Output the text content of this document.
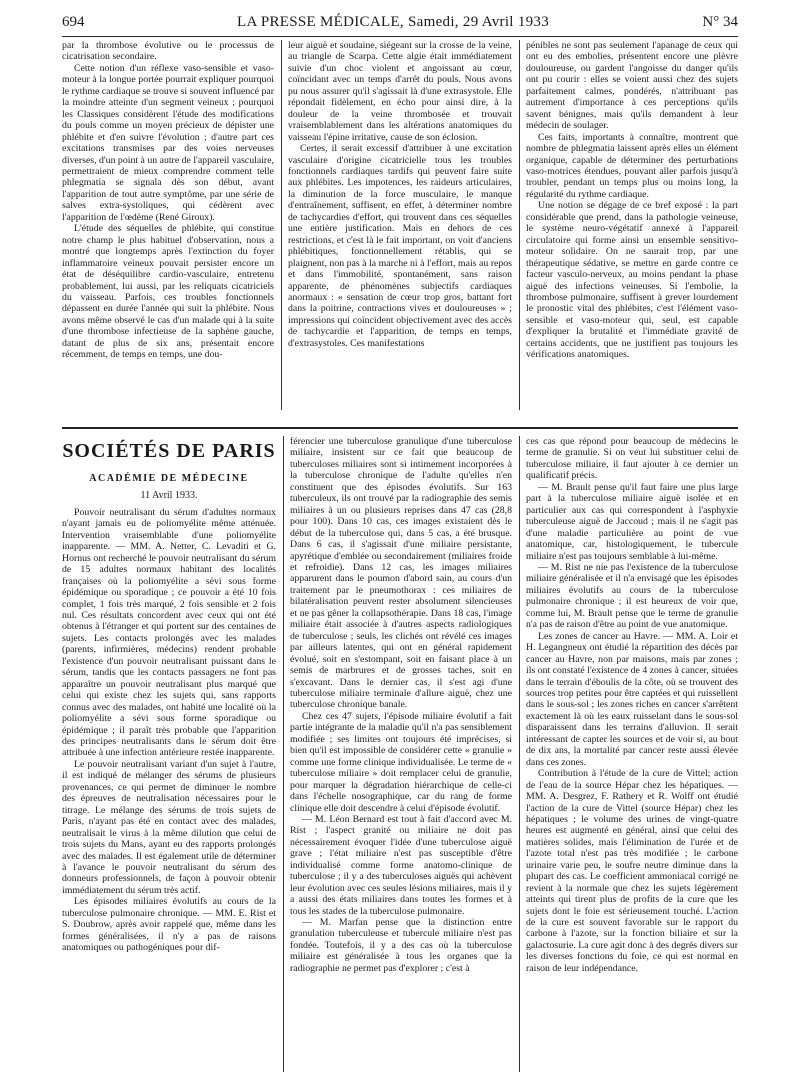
694	LA PRESSE MÉDICALE, Samedi, 29 Avril 1933	N° 34

par la thrombose évolutive ou le processus de cicatrisation secondaire.

Cette notion d'un réflexe vaso-sensible et vaso-moteur à la longue portée pourrait expliquer pourquoi le rythme cardiaque se trouve si souvent influencé par la moindre atteinte d'un segment veineux ; pourquoi les Classiques considèrent l'étude des modifications du pouls comme un moyen précieux de dépister une phlébite et d'en suivre l'évolution ; d'autre part ces excitations transmises par des voies nerveuses diverses, d'un point à un autre de l'appareil vasculaire, permettraient de mieux comprendre comment telle phlegmatia se signala dès son début, avant l'apparition de tout autre symptôme, par une série de salves extra-systoliques, qui cédèrent avec l'apparition de l'œdème (René Giroux).

L'étude des séquelles de phlébite, qui constitue notre champ le plus habituel d'observation, nous a montré que longtemps après l'extinction du foyer inflammatoire veineux pouvait persister encore un état de déséquilibre cardio-vasculaire, entretenu probablement, lui aussi, par les reliquats cicatriciels du vaisseau. Parfois, ces troubles fonctionnels dépassent en durée l'année qui suit la phlébite. Nous avons même observé le cas d'un malade qui à la suite d'une thrombose infectieuse de la saphène gauche, datant de plus de six ans, présentait encore récemment, de temps en temps, une dou-

leur aiguë et soudaine, siégeant sur la crosse de la veine, au triangle de Scarpa. Cette algie était immédiatement suivie d'un choc violent et angoissant au cœur, coïncidant avec un temps d'arrêt du pouls. Nous avons pu nous assurer qu'il s'agissait là d'une extrasystole. Elle répondait fidèlement, en écho pour ainsi dire, à la douleur de la veine thrombosée et trouvait vraisemblablement dans les altérations anatomiques du vaisseau l'épine irritative, cause de son éclosion.

Certes, il serait excessif d'attribuer à une excitation vasculaire d'origine cicatricielle tous les troubles fonctionnels cardiaques tardifs qui peuvent faire suite aux phlébites. Les impotences, les raideurs articulaires, la diminution de la force musculaire, le manque d'entraînement, suffisent, en effet, à déterminer nombre de tachycardies d'effort, qui trouvent dans ces séquelles une entière justification. Mais en dehors de ces restrictions, et c'est là le fait important, on voit d'anciens phlébitiques, fonctionnellement rétablis, qui se plaignent, non pas à la marche ni à l'effort, mais au repos et dans l'immobilité, spontanément, sans raison apparente, de phénomènes subjectifs cardiaques anormaux : « sensation de cœur trop gros, battant fort dans la poitrine, contractions vives et douloureuses » ; impressions qui coïncident objectivement avec des accès de tachycardie et l'apparition, de temps en temps, d'extrasystoles. Ces manifestations

pénibles ne sont pas seulement l'apanage de ceux qui ont eu des embolies, présentent encore une plèvre douloureuse, ou gardent l'angoisse du danger qu'ils ont pu courir : elles se voient aussi chez des sujets parfaitement calmes, pondérés, n'attribuant pas autrement d'importance à ces perceptions qu'ils savent bénignes, mais qu'ils demandent à leur médecin de soulager.

Ces faits, importants à connaître, montrent que nombre de phlegmatia laissent après elles un élément organique, capable de déterminer des perturbations vaso-motrices étendues, pouvant aller parfois jusqu'à troubler, pendant un temps plus ou moins long, la régularité du rythme cardiaque.

Une notion se dégage de ce bref exposé : la part considérable que prend, dans la pathologie veineuse, le système neuro-végétatif annexé à l'appareil circulatoire qui forme ainsi un ensemble sensitivo-moteur solidaire. On ne saurait trop, par une thérapeutique sédative, se mettre en garde contre ce facteur vasculo-nerveux, au moins pendant la phase aiguë des infections veineuses. Si l'embolie, la thrombose pulmonaire, suffisent à grever lourdement le pronostic vital des phlébites, c'est l'élément vaso-sensible et vaso-moteur qui, seul, est capable d'expliquer la brutalité et l'immédiate gravité de certains accidents, que ne justifient pas toujours les vérifications anatomiques.

SOCIÉTÉS DE PARIS
ACADÉMIE DE MÉDECINE
11 Avril 1933.

Pouvoir neutralisant du sérum d'adultes normaux n'ayant jamais eu de poliomyélite même atténuée. Intervention vraisemblable d'une poliomyélite inapparente. — MM. A. Netter, C. Levaditi et G. Hornus ont recherché le pouvoir neutralisant du sérum de 15 adultes normaux habitant des localités françaises où la poliomyélite a sévi sous forme épidémique ou sporadique ; ce pouvoir a été 10 fois complet, 1 fois très marqué, 2 fois sensible et 2 fois nul. Ces résultats concordent avec ceux qui ont été obtenus à l'étranger et qui portent sur des centaines de sujets. Les contacts prolongés avec les malades (parents, infirmières, médecins) rendent probable l'existence d'un pouvoir neutralisant puissant dans le sérum, tandis que les contacts passagers ne font pas apparaître un pouvoir neutralisant plus marqué que celui qui existe chez les sujets qui, sans rapports connus avec des malades, ont habité une localité où la poliomyélite a sévi sous forme sporadique ou épidémique ; il paraît très probable que l'apparition des principes neutralisants dans le sérum doit être attribuée à une infection antérieure restée inapparente.

Le pouvoir neutralisant variant d'un sujet à l'autre, il est indiqué de mélanger des sérums de plusieurs provenances, ce qui permet de diminuer le nombre des épreuves de neutralisation nécessaires pour le titrage. Le mélange des sérums de trois sujets de Paris, n'ayant pas été en contact avec des malades, neutralisait le virus à la même dilution que celui de trois sujets du Mans, ayant eu des rapports prolongés avec des malades. Il est également utile de déterminer à l'avance le pouvoir neutralisant du sérum des donneurs professionnels, de façon à pouvoir obtenir immédiatement du sérum très actif.

Les épisodes miliaires évolutifs au cours de la tuberculose pulmonaire chronique. — MM. E. Rist et S. Doubrow, après avoir rappelé que, même dans les formes généralisées, il n'y a pas de raisons anatomiques ou pathogéniques pour dif-

férencier une tuberculose granulique d'une tuberculose miliaire, insistent sur ce fait que beaucoup de tuberculoses miliaires sont si intimement incorporées à la tuberculose chronique de l'adulte qu'elles n'en constituent que des épisodes évolutifs. Sur 163 tuberculeux, ils ont trouvé par la radiographie des semis miliaires à un ou plusieurs reprises dans 47 cas (28,8 pour 100). Dans 10 cas, ces images existaient dès le début de la tuberculose qui, dans 5 cas, a été brusque. Dans 6 cas, il s'agissait d'une miliaire persistante, apyrétique d'emblée ou secondairement (miliaires froide et refroidie). Dans 12 cas, les images miliaires apparurent dans le poumon d'abord sain, au cours d'un traitement par le pneumothorax : ces miliaires de bilatéralisation peuvent rester absolument silencieuses et ne pas gêner la collapsothérapie. Dans 18 cas, l'image miliaire était associée à d'autres aspects radiologiques de tuberculose ; seuls, les clichés ont révélé ces images par ailleurs latentes, qui ont en général rapidement évolué, soit en s'estompant, soit en faisant place à un semis de marbrures et de grosses taches, soit en s'excavant. Dans le dernier cas, il s'est agi d'une tuberculose miliaire terminale d'allure aiguë, chez une tuberculose chronique banale.

Chez ces 47 sujets, l'épisode miliaire évolutif a fait partie intégrante de la maladie qu'il n'a pas sensiblement modifiée ; ses limites ont toujours été imprécises, si bien qu'il est impossible de considérer cette « granulie » comme une forme clinique individualisée. Le terme de « tuberculose miliaire » doit remplacer celui de granulie, pour marquer la dégradation hiérarchique de celle-ci dans l'échelle nosographique, car du rang de forme clinique elle doit descendre à celui d'épisode évolutif.

— M. Léon Bernard est tout à fait d'accord avec M. Rist ; l'aspect granité ou miliaire ne doit pas nécessairement évoquer l'idée d'une tuberculose aiguë grave ; l'état miliaire n'est pas susceptible d'être individualisé comme forme anatomo-clinique de tuberculose ; il y a des tuberculoses aiguës qui achèvent leur évolution avec ces seules lésions miliaires, mais il y a aussi des états miliaires dans toutes les formes et à tous les stades de la tuberculose pulmonaire.

— M. Marfan pense que la distinction entre granulation tuberculeuse et tubercule miliaire n'est pas fondée. Toutefois, il y a des cas où la tuberculose miliaire est généralisée à tous les organes que la radiographie ne permet pas d'explorer ; c'est à

ces cas que répond pour beaucoup de médecins le terme de granulie. Si on veut lui substituer celui de tuberculose miliaire, il faut ajouter à ce dernier un qualificatif précis.

— M. Brault pense qu'il faut faire une plus large part à la tuberculose miliaire aiguë isolée et en particulier aux cas qui correspondent à l'asphyxie tuberculeuse aiguë de Jaccoud ; mais il ne s'agit pas d'une maladie particulière au point de vue anatomique, car, histologiquement, le tubercule miliaire n'est pas toujours semblable à lui-même.

— M. Rist ne nie pas l'existence de la tuberculose miliaire généralisée et il n'a envisagé que les épisodes miliaires évolutifs au cours de la tuberculose pulmonaire chronique ; il est heureux de voir que, comme lui, M. Brault pense que le terme de granulie n'a pas de raison d'être au point de vue anatomique.

Les zones de cancer au Havre. — MM. A. Loir et H. Legangneux ont étudié la répartition des décès par cancer au Havre, non par maisons, mais par zones ; ils ont constaté l'existence de 4 zones à cancer, situées dans le terrain d'éboulis de la côte, où se trouvent des sources trop petites pour être captées et qui ruissellent dans le sous-sol ; les zones riches en cancer s'arrêtent exactement là où les eaux ruisselant dans le sous-sol disparaissent dans les terrains d'alluvion. Il serait intéressant de capter les sources et de voir si, au bout de dix ans, la mortalité par cancer reste aussi élevée dans ces zones.

Contribution à l'étude de la cure de Vittel; action de l'eau de la source Hépar chez les hépatiques. — MM. A. Desgrez, F. Rathery et R. Wolff ont étudié l'action de la cure de Vittel (source Hépar) chez les hépatiques ; le volume des urines de vingt-quatre heures est augmenté en général, ainsi que celui des matières solides, mais l'élimination de l'urée et de l'azote total n'est pas très modifiée ; le carbone urinaire varie peu, le soufre neutre diminue dans la plupart des cas. Le coefficient ammoniacal corrigé ne revient à la normale que chez les sujets légèrement atteints qui tirent plus de profits de la cure que les sujets dont le foie est sérieusement touché. L'action de la cure est souvent favorable sur le rapport du carbone à l'azote, sur la fonction biliaire et sur la galactosurie. La cure agit donc à des degrés divers sur les diverses fonctions du foie, ce qui est normal en raison de leur indépendance.
